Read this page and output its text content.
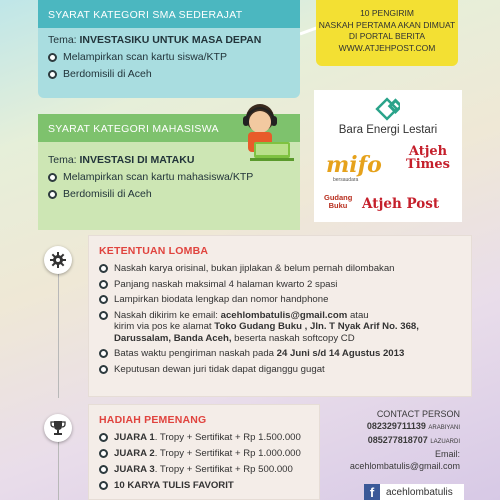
SYARAT KATEGORI SMA SEDERAJAT
Tema: INVESTASIKU UNTUK MASA DEPAN
Melampirkan scan kartu siswa/KTP
Berdomisili di Aceh
SYARAT KATEGORI MAHASISWA
Tema: INVESTASI DI MATAKU
Melampirkan scan kartu mahasiswa/KTP
Berdomisili di Aceh
10 PENGIRIM
NASKAH PERTAMA AKAN DIMUAT
DI PORTAL BERITA
WWW.ATJEHPOST.COM
Bara Energi Lestari
mifo
bersaudara
Atjeh
Times
Gudang
Buku	Atjeh Post
KETENTUAN LOMBA
Naskah karya orisinal, bukan jiplakan & belum pernah dilombakan
Panjang naskah maksimal 4 halaman kwarto 2 spasi
Lampirkan biodata lengkap dan nomor handphone
Naskah dikirim ke email: acehlombatulis@gmail.com atau
kirim via pos ke alamat Toko Gudang Buku , Jln. T Nyak Arif No. 368,
Darussalam, Banda Aceh, beserta naskah softcopy CD
Batas waktu pengiriman naskah pada 24 Juni s/d 14 Agustus 2013
Keputusan dewan juri tidak dapat diganggu gugat
HADIAH PEMENANG
JUARA 1 . Tropy + Sertifikat + Rp 1.500.000
JUARA 2 . Tropy + Sertifikat + Rp 1.000.000
JUARA 3 . Tropy + Sertifikat + Rp 500.000
10 KARYA TULIS FAVORIT
CONTACT PERSON
082329711139 ARABIYANI
085277818707 LAZUARDI
Email: acehlombatulis@gmail.com
f	acehlombatulis
